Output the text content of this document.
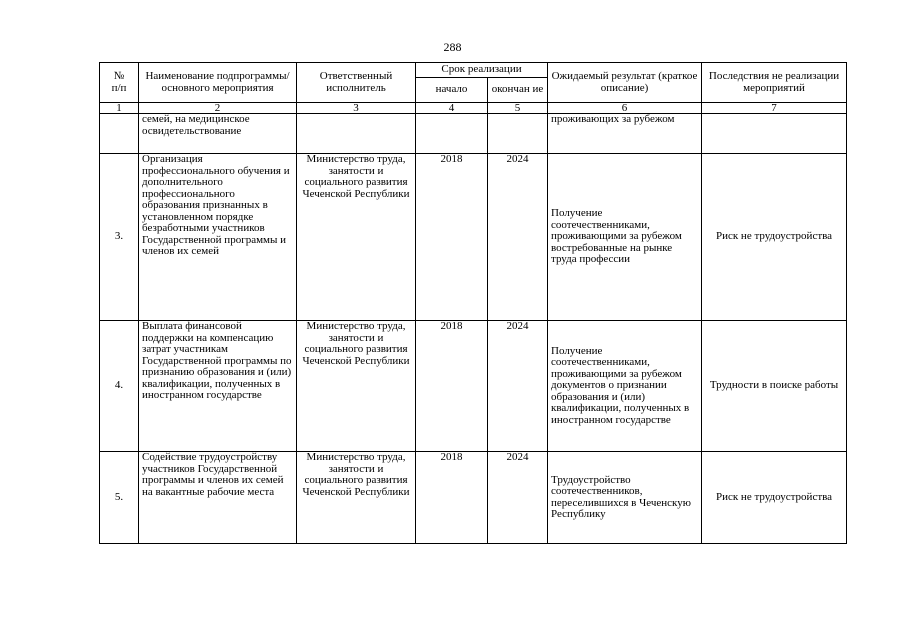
288
№
п/п	Наименование подпрограммы/ основного мероприятия	Ответственный исполнитель	Срок реализации		Ожидаемый результат (краткое описание)	Последствия не реализации мероприятий
			начало	окончан ие		
1	2	3	4	5	6	7
	семей, на медицинское освидетельствование				проживающих за рубежом	
3.	Организация профессионального обучения и дополнительного профессионального образования признанных в установленном порядке безработными участников Государственной программы и членов их семей	Министерство труда, занятости и социального развития Чеченской Республики	2018	2024	Получение соотечественниками, проживающими за рубежом востребованные на рынке труда профессии	Риск не трудоустройства
4.	Выплата финансовой поддержки на компенсацию затрат участникам Государственной программы по признанию образования и (или) квалификации, полученных в иностранном государстве	Министерство труда, занятости и социального развития Чеченской Республики	2018	2024	Получение соотечественниками, проживающими за рубежом документов о признании образования и (или) квалификации, полученных в иностранном государстве	Трудности в поиске работы
5.	Содействие трудоустройству участников Государственной программы и членов их семей на вакантные рабочие места	Министерство труда, занятости и социального развития Чеченской Республики	2018	2024	Трудоустройство соотечественников, переселившихся в Чеченскую Республику	Риск не трудоустройства
